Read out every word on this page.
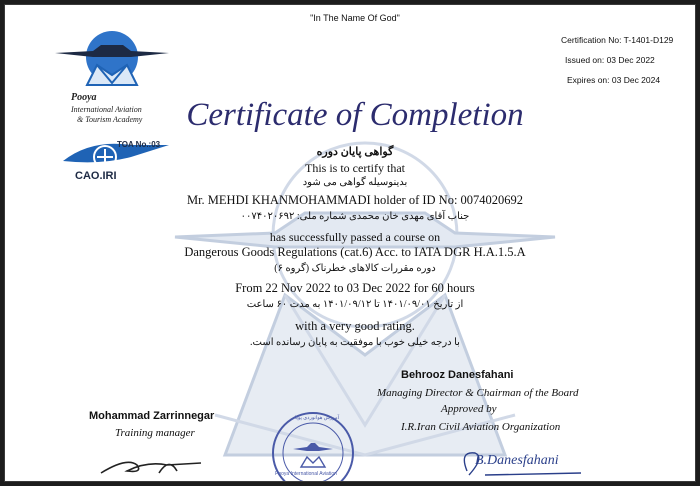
"In The Name Of God"
Certification No: T-1401-D129
Issued on: 03 Dec 2022
Expires on: 03 Dec 2024
Pooya
International Aviation
& Tourism Academy
TOA No.:03
CAO.IRI
Certificate of Completion
گواهی پایان دوره
This is to certify that
بدینوسیله گواهی می شود
Mr. MEHDI KHANMOHAMMADI holder of ID No: 0074020692
جناب آقای مهدی خان محمدی شماره ملی: ۰۰۷۴۰۲۰۶۹۲
has successfully passed a course on
Dangerous Goods Regulations (cat.6) Acc. to IATA DGR H.A.1.5.A
دوره مقررات کالاهای خطرناک (گروه ۶)
From 22 Nov 2022 to 03 Dec 2022 for 60 hours
از تاریخ ۱۴۰۱/۰۹/۰۱ تا ۱۴۰۱/۰۹/۱۲ به مدت ۶۰ ساعت
with a very good rating.
با درجه خیلی خوب با موفقیت به پایان رسانده است.
Behrooz Danesfahani
Managing Director & Chairman of the Board
Approved by
I.R.Iran Civil Aviation Organization
B.Danesfahani
Mohammad Zarrinnegar
Training manager
آموزش هوانوردی پویا
Pooya International Aviation
